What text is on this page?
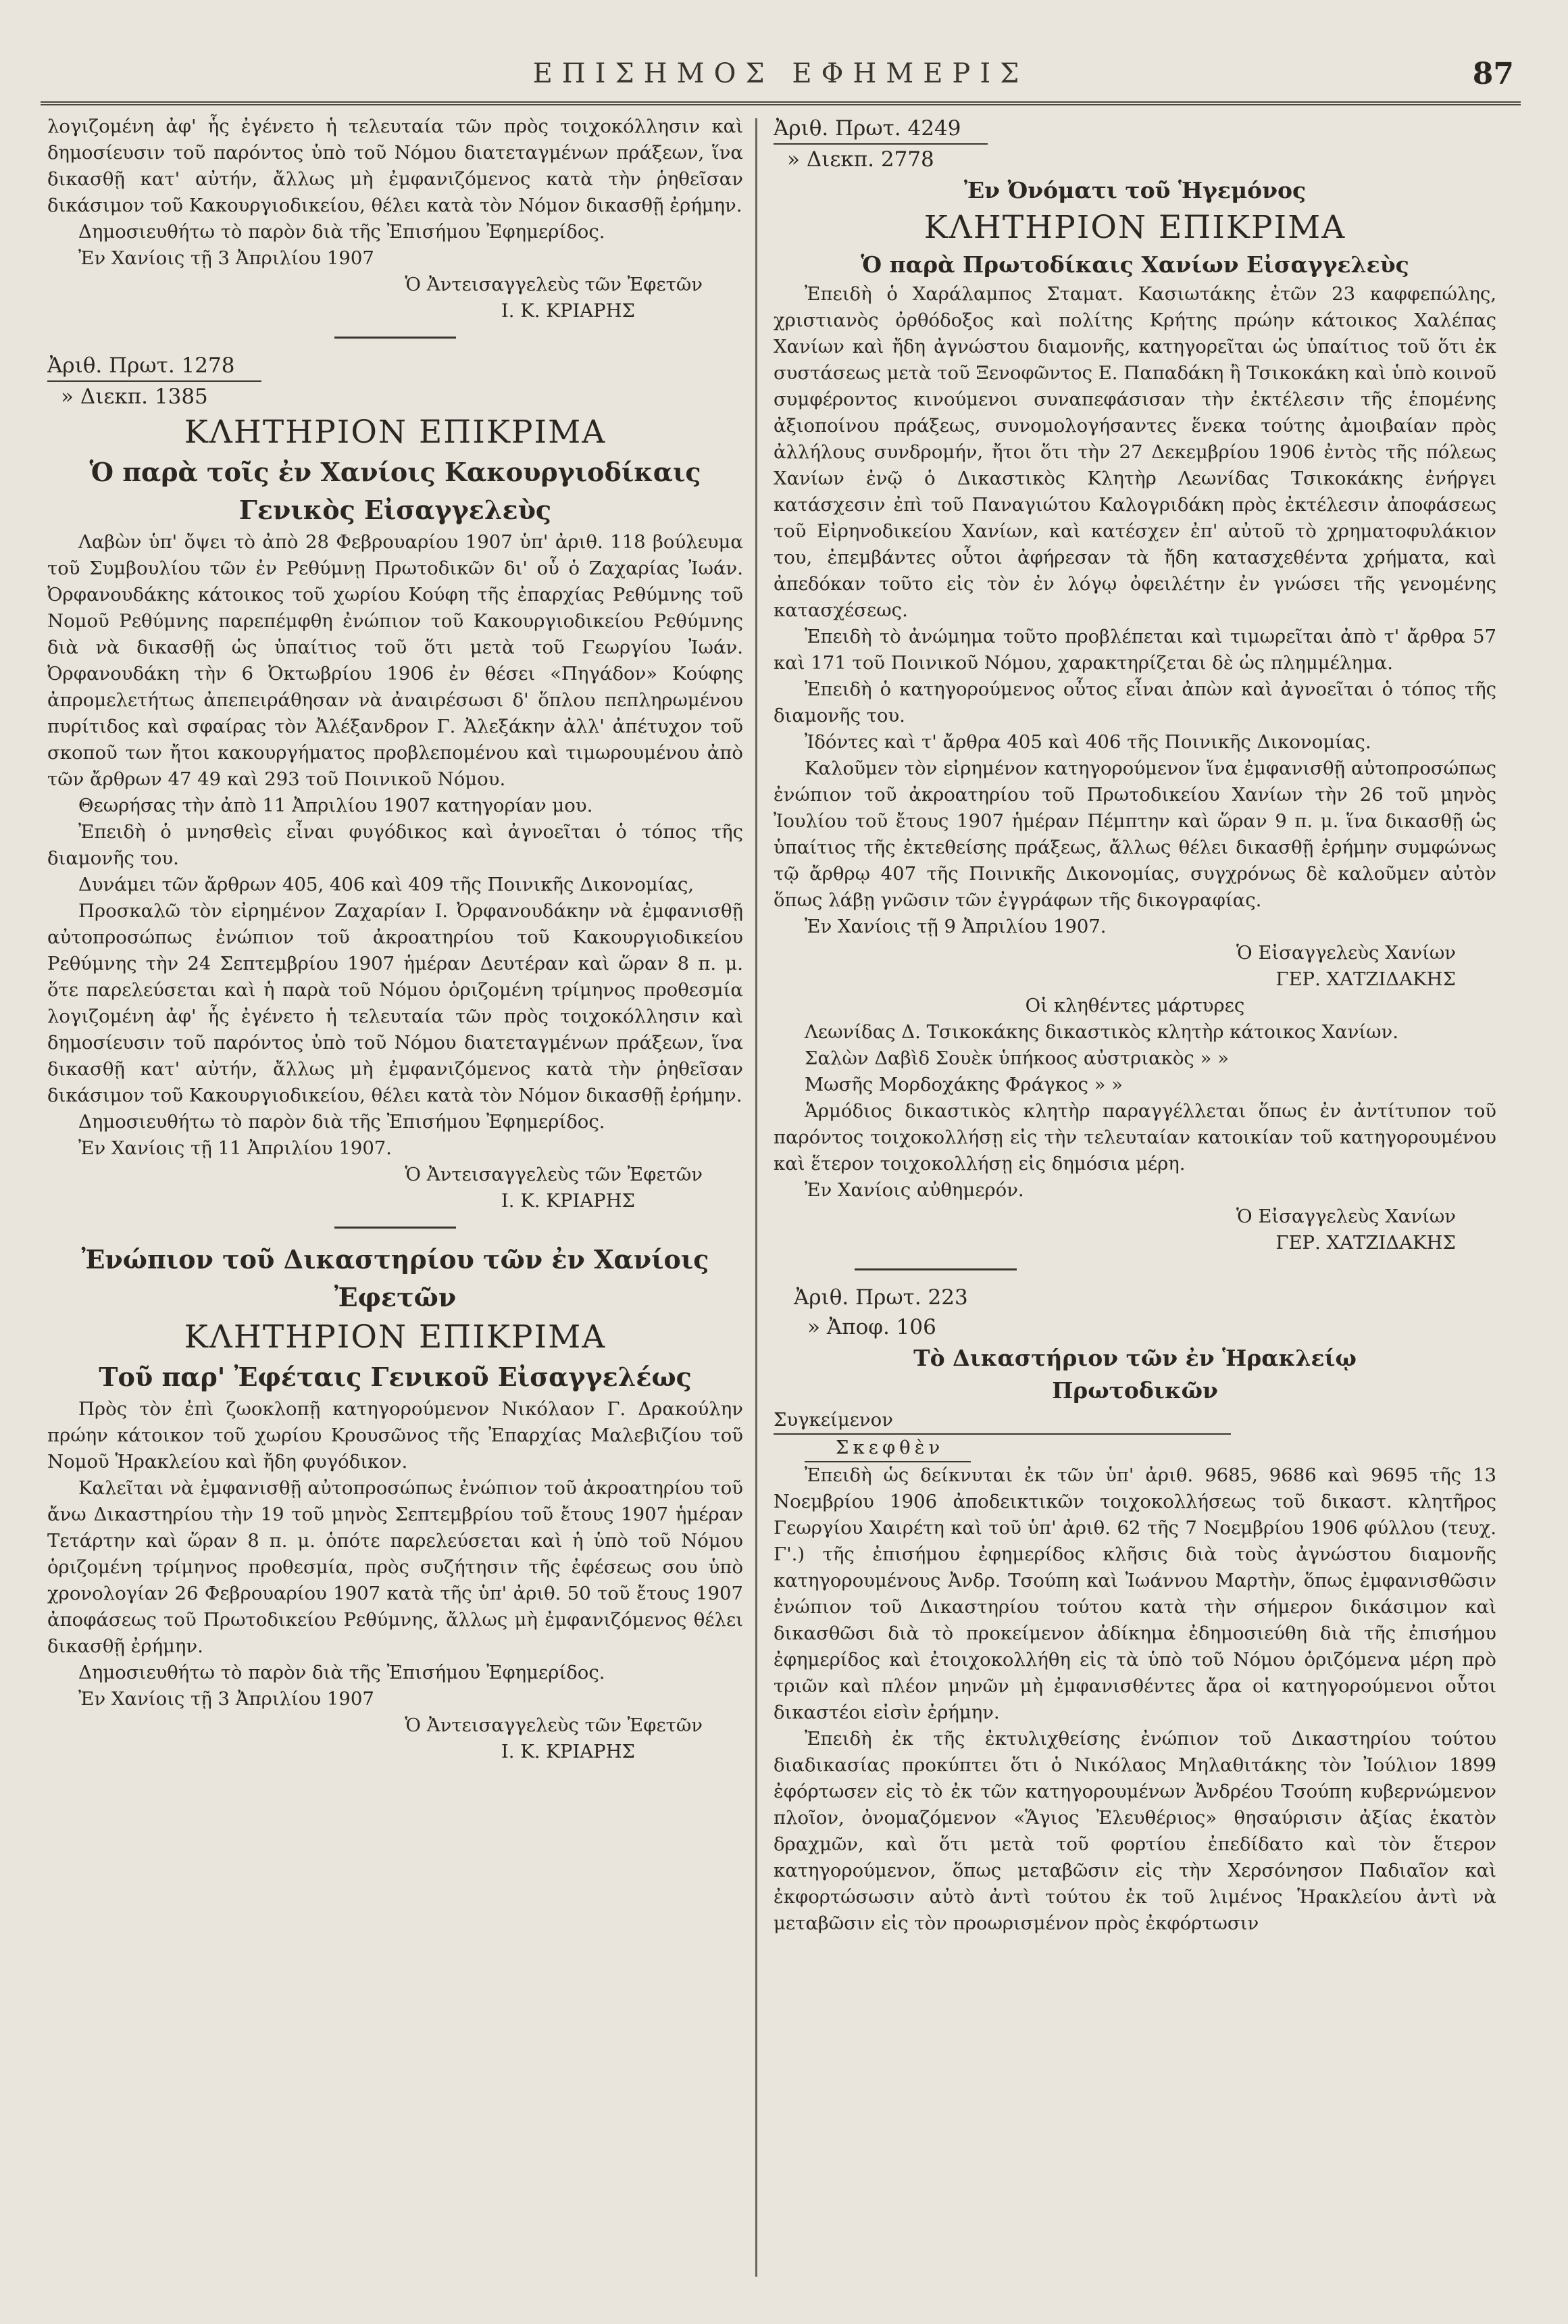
ΕΠΙΣΗΜΟΣ ΕΦΗΜΕΡΙΣ	87

λογιζομένη ἀφ' ἧς ἐγένετο ἡ τελευταία τῶν πρὸς τοιχοκόλλησιν καὶ δημοσίευσιν τοῦ παρόντος ὑπὸ τοῦ Νόμου διατεταγμένων πράξεων, ἵνα δικασθῇ κατ' αὐτήν, ἄλλως μὴ ἐμφανιζόμενος κατὰ τὴν ῥηθεῖσαν δικάσιμον τοῦ Κακουργιοδικείου, θέλει κατὰ τὸν Νόμον δικασθῇ ἐρήμην.

Δημοσιευθήτω τὸ παρὸν διὰ τῆς Ἐπισήμου Ἐφημερίδος.

Ἐν Χανίοις τῇ 3 Ἀπριλίου 1907

Ὁ Ἀντεισαγγελεὺς τῶν Ἐφετῶν

Ι. Κ. ΚΡΙΑΡΗΣ

Ἀριθ. Πρωτ. 1278

» Διεκπ. 1385

ΚΛΗΤΗΡΙΟΝ ΕΠΙΚΡΙΜΑ

Ὁ παρὰ τοῖς ἐν Χανίοις Κακουργιοδίκαις

Γενικὸς Εἰσαγγελεὺς

Λαβὼν ὑπ' ὄψει τὸ ἀπὸ 28 Φεβρουαρίου 1907 ὑπ' ἀριθ. 118 βούλευμα τοῦ Συμβουλίου τῶν ἐν Ρεθύμνῃ Πρωτοδικῶν δι' οὗ ὁ Ζαχαρίας Ἰωάν. Ὀρφανουδάκης κάτοικος τοῦ χωρίου Κούφη τῆς ἐπαρχίας Ρεθύμνης τοῦ Νομοῦ Ρεθύμνης παρεπέμφθη ἐνώπιον τοῦ Κακουργιοδικείου Ρεθύμνης διὰ νὰ δικασθῇ ὡς ὑπαίτιος τοῦ ὅτι μετὰ τοῦ Γεωργίου Ἰωάν. Ὀρφανουδάκη τὴν 6 Ὀκτωβρίου 1906 ἐν θέσει «Πηγάδον» Κούφης ἀπρομελετήτως ἀπεπειράθησαν νὰ ἀναιρέσωσι δ' ὅπλου πεπληρωμένου πυρίτιδος καὶ σφαίρας τὸν Ἀλέξανδρον Γ. Ἀλεξάκην ἀλλ' ἀπέτυχον τοῦ σκοποῦ των ἤτοι κακουργήματος προβλεπομένου καὶ τιμωρουμένου ἀπὸ τῶν ἄρθρων 47 49 καὶ 293 τοῦ Ποινικοῦ Νόμου.

Θεωρήσας τὴν ἀπὸ 11 Ἀπριλίου 1907 κατηγορίαν μου.

Ἐπειδὴ ὁ μνησθεὶς εἶναι φυγόδικος καὶ ἀγνοεῖται ὁ τόπος τῆς διαμονῆς του.

Δυνάμει τῶν ἄρθρων 405, 406 καὶ 409 τῆς Ποινικῆς Δικονομίας,

Προσκαλῶ τὸν εἰρημένον Ζαχαρίαν Ι. Ὀρφανουδάκην νὰ ἐμφανισθῇ αὐτοπροσώπως ἐνώπιον τοῦ ἀκροατηρίου τοῦ Κακουργιοδικείου Ρεθύμνης τὴν 24 Σεπτεμβρίου 1907 ἡμέραν Δευτέραν καὶ ὥραν 8 π. μ. ὅτε παρελεύσεται καὶ ἡ παρὰ τοῦ Νόμου ὁριζομένη τρίμηνος προθεσμία λογιζομένη ἀφ' ἧς ἐγένετο ἡ τελευταία τῶν πρὸς τοιχοκόλλησιν καὶ δημοσίευσιν τοῦ παρόντος ὑπὸ τοῦ Νόμου διατεταγμένων πράξεων, ἵνα δικασθῇ κατ' αὐτήν, ἄλλως μὴ ἐμφανιζόμενος κατὰ τὴν ῥηθεῖσαν δικάσιμον τοῦ Κακουργιοδικείου, θέλει κατὰ τὸν Νόμον δικασθῇ ἐρήμην.

Δημοσιευθήτω τὸ παρὸν διὰ τῆς Ἐπισήμου Ἐφημερίδος.

Ἐν Χανίοις τῇ 11 Ἀπριλίου 1907.

Ὁ Ἀντεισαγγελεὺς τῶν Ἐφετῶν

Ι. Κ. ΚΡΙΑΡΗΣ

Ἐνώπιον τοῦ Δικαστηρίου τῶν ἐν Χανίοις

Ἐφετῶν

ΚΛΗΤΗΡΙΟΝ ΕΠΙΚΡΙΜΑ

Τοῦ παρ' Ἐφέταις Γενικοῦ Εἰσαγγελέως

Πρὸς τὸν ἐπὶ ζωοκλοπῇ κατηγορούμενον Νικόλαον Γ. Δρακούλην πρώην κάτοικον τοῦ χωρίου Κρουσῶνος τῆς Ἐπαρχίας Μαλεβιζίου τοῦ Νομοῦ Ἡρακλείου καὶ ἤδη φυγόδικον.

Καλεῖται νὰ ἐμφανισθῇ αὐτοπροσώπως ἐνώπιον τοῦ ἀκροατηρίου τοῦ ἄνω Δικαστηρίου τὴν 19 τοῦ μηνὸς Σεπτεμβρίου τοῦ ἔτους 1907 ἡμέραν Τετάρτην καὶ ὥραν 8 π. μ. ὁπότε παρελεύσεται καὶ ἡ ὑπὸ τοῦ Νόμου ὁριζομένη τρίμηνος προθεσμία, πρὸς συζήτησιν τῆς ἐφέσεως σου ὑπὸ χρονολογίαν 26 Φεβρουαρίου 1907 κατὰ τῆς ὑπ' ἀριθ. 50 τοῦ ἔτους 1907 ἀποφάσεως τοῦ Πρωτοδικείου Ρεθύμνης, ἄλλως μὴ ἐμφανιζόμενος θέλει δικασθῇ ἐρήμην.

Δημοσιευθήτω τὸ παρὸν διὰ τῆς Ἐπισήμου Ἐφημερίδος.

Ἐν Χανίοις τῇ 3 Ἀπριλίου 1907

Ὁ Ἀντεισαγγελεὺς τῶν Ἐφετῶν

Ι. Κ. ΚΡΙΑΡΗΣ

Ἀριθ. Πρωτ. 4249

» Διεκπ. 2778

Ἐν Ὀνόματι τοῦ Ἡγεμόνος

ΚΛΗΤΗΡΙΟΝ ΕΠΙΚΡΙΜΑ

Ὁ παρὰ Πρωτοδίκαις Χανίων Εἰσαγγελεὺς

Ἐπειδὴ ὁ Χαράλαμπος Σταματ. Κασιωτάκης ἐτῶν 23 καφφεπώλης, χριστιανὸς ὀρθόδοξος καὶ πολίτης Κρήτης πρώην κάτοικος Χαλέπας Χανίων καὶ ἤδη ἀγνώστου διαμονῆς, κατηγορεῖται ὡς ὑπαίτιος τοῦ ὅτι ἐκ συστάσεως μετὰ τοῦ Ξενοφῶντος Ε. Παπαδάκη ἢ Τσικοκάκη καὶ ὑπὸ κοινοῦ συμφέροντος κινούμενοι συναπεφάσισαν τὴν ἐκτέλεσιν τῆς ἑπομένης ἀξιοποίνου πράξεως, συνομολογήσαντες ἕνεκα τούτης ἀμοιβαίαν πρὸς ἀλλήλους συνδρομήν, ἤτοι ὅτι τὴν 27 Δεκεμβρίου 1906 ἐντὸς τῆς πόλεως Χανίων ἐνῷ ὁ Δικαστικὸς Κλητὴρ Λεωνίδας Τσικοκάκης ἐνήργει κατάσχεσιν ἐπὶ τοῦ Παναγιώτου Καλογριδάκη πρὸς ἐκτέλεσιν ἀποφάσεως τοῦ Εἰρηνοδικείου Χανίων, καὶ κατέσχεν ἐπ' αὐτοῦ τὸ χρηματοφυλάκιον του, ἐπεμβάντες οὗτοι ἀφήρεσαν τὰ ἤδη κατασχεθέντα χρήματα, καὶ ἀπεδόκαν τοῦτο εἰς τὸν ἐν λόγῳ ὀφειλέτην ἐν γνώσει τῆς γενομένης κατασχέσεως.

Ἐπειδὴ τὸ ἀνώμημα τοῦτο προβλέπεται καὶ τιμωρεῖται ἀπὸ τ' ἄρθρα 57 καὶ 171 τοῦ Ποινικοῦ Νόμου, χαρακτηρίζεται δὲ ὡς πλημμέλημα.

Ἐπειδὴ ὁ κατηγορούμενος οὗτος εἶναι ἀπὼν καὶ ἀγνοεῖται ὁ τόπος τῆς διαμονῆς του.

Ἰδόντες καὶ τ' ἄρθρα 405 καὶ 406 τῆς Ποινικῆς Δικονομίας.

Καλοῦμεν τὸν εἰρημένον κατηγορούμενον ἵνα ἐμφανισθῇ αὐτοπροσώπως ἐνώπιον τοῦ ἀκροατηρίου τοῦ Πρωτοδικείου Χανίων τὴν 26 τοῦ μηνὸς Ἰουλίου τοῦ ἔτους 1907 ἡμέραν Πέμπτην καὶ ὥραν 9 π. μ. ἵνα δικασθῇ ὡς ὑπαίτιος τῆς ἐκτεθείσης πράξεως, ἄλλως θέλει δικασθῇ ἐρήμην συμφώνως τῷ ἄρθρῳ 407 τῆς Ποινικῆς Δικονομίας, συγχρόνως δὲ καλοῦμεν αὐτὸν ὅπως λάβῃ γνῶσιν τῶν ἐγγράφων τῆς δικογραφίας.

Ἐν Χανίοις τῇ 9 Ἀπριλίου 1907.

Ὁ Εἰσαγγελεὺς Χανίων

ΓΕΡ. ΧΑΤΖΙΔΑΚΗΣ

Οἱ κληθέντες μάρτυρες

Λεωνίδας Δ. Τσικοκάκης δικαστικὸς κλητὴρ κάτοικος Χανίων.

Σαλὼν Δαβὶδ Σουὲκ ὑπήκοος αὐστριακὸς » »

Μωσῆς Μορδοχάκης Φράγκος » »

Ἁρμόδιος δικαστικὸς κλητὴρ παραγγέλλεται ὅπως ἐν ἀντίτυπον τοῦ παρόντος τοιχοκολλήσῃ εἰς τὴν τελευταίαν κατοικίαν τοῦ κατηγορουμένου καὶ ἕτερον τοιχοκολλήσῃ εἰς δημόσια μέρη.

Ἐν Χανίοις αὐθημερόν.

Ὁ Εἰσαγγελεὺς Χανίων

ΓΕΡ. ΧΑΤΖΙΔΑΚΗΣ

Ἀριθ. Πρωτ. 223

» Ἀποφ. 106

Τὸ Δικαστήριον τῶν ἐν Ἡρακλείῳ

Πρωτοδικῶν

Συγκείμενον

Σκεφθὲν

Ἐπειδὴ ὡς δείκνυται ἐκ τῶν ὑπ' ἀριθ. 9685, 9686 καὶ 9695 τῆς 13 Νοεμβρίου 1906 ἀποδεικτικῶν τοιχοκολλήσεως τοῦ δικαστ. κλητῆρος Γεωργίου Χαιρέτη καὶ τοῦ ὑπ' ἀριθ. 62 τῆς 7 Νοεμβρίου 1906 φύλλου (τευχ. Γ'.) τῆς ἐπισήμου ἐφημερίδος κλῆσις διὰ τοὺς ἀγνώστου διαμονῆς κατηγορουμένους Ἀνδρ. Τσούπη καὶ Ἰωάννου Μαρτὴν, ὅπως ἐμφανισθῶσιν ἐνώπιον τοῦ Δικαστηρίου τούτου κατὰ τὴν σήμερον δικάσιμον καὶ δικασθῶσι διὰ τὸ προκείμενον ἀδίκημα ἐδημοσιεύθη διὰ τῆς ἐπισήμου ἐφημερίδος καὶ ἐτοιχοκολλήθη εἰς τὰ ὑπὸ τοῦ Νόμου ὁριζόμενα μέρη πρὸ τριῶν καὶ πλέον μηνῶν μὴ ἐμφανισθέντες ἄρα οἱ κατηγορούμενοι οὗτοι δικαστέοι εἰσὶν ἐρήμην.

Ἐπειδὴ ἐκ τῆς ἐκτυλιχθείσης ἐνώπιον τοῦ Δικαστηρίου τούτου διαδικασίας προκύπτει ὅτι ὁ Νικόλαος Μηλαθιτάκης τὸν Ἰούλιον 1899 ἐφόρτωσεν εἰς τὸ ἐκ τῶν κατηγορουμένων Ἀνδρέου Τσούπη κυβερνώμενον πλοῖον, ὀνομαζόμενον «Ἅγιος Ἐλευθέριος» θησαύρισιν ἀξίας ἑκατὸν δραχμῶν, καὶ ὅτι μετὰ τοῦ φορτίου ἐπεδίδατο καὶ τὸν ἕτερον κατηγορούμενον, ὅπως μεταβῶσιν εἰς τὴν Χερσόνησον Παδιαῖον καὶ ἐκφορτώσωσιν αὐτὸ ἀντὶ τούτου ἐκ τοῦ λιμένος Ἡρακλείου ἀντὶ νὰ μεταβῶσιν εἰς τὸν προωρισμένον πρὸς ἐκφόρτωσιν
